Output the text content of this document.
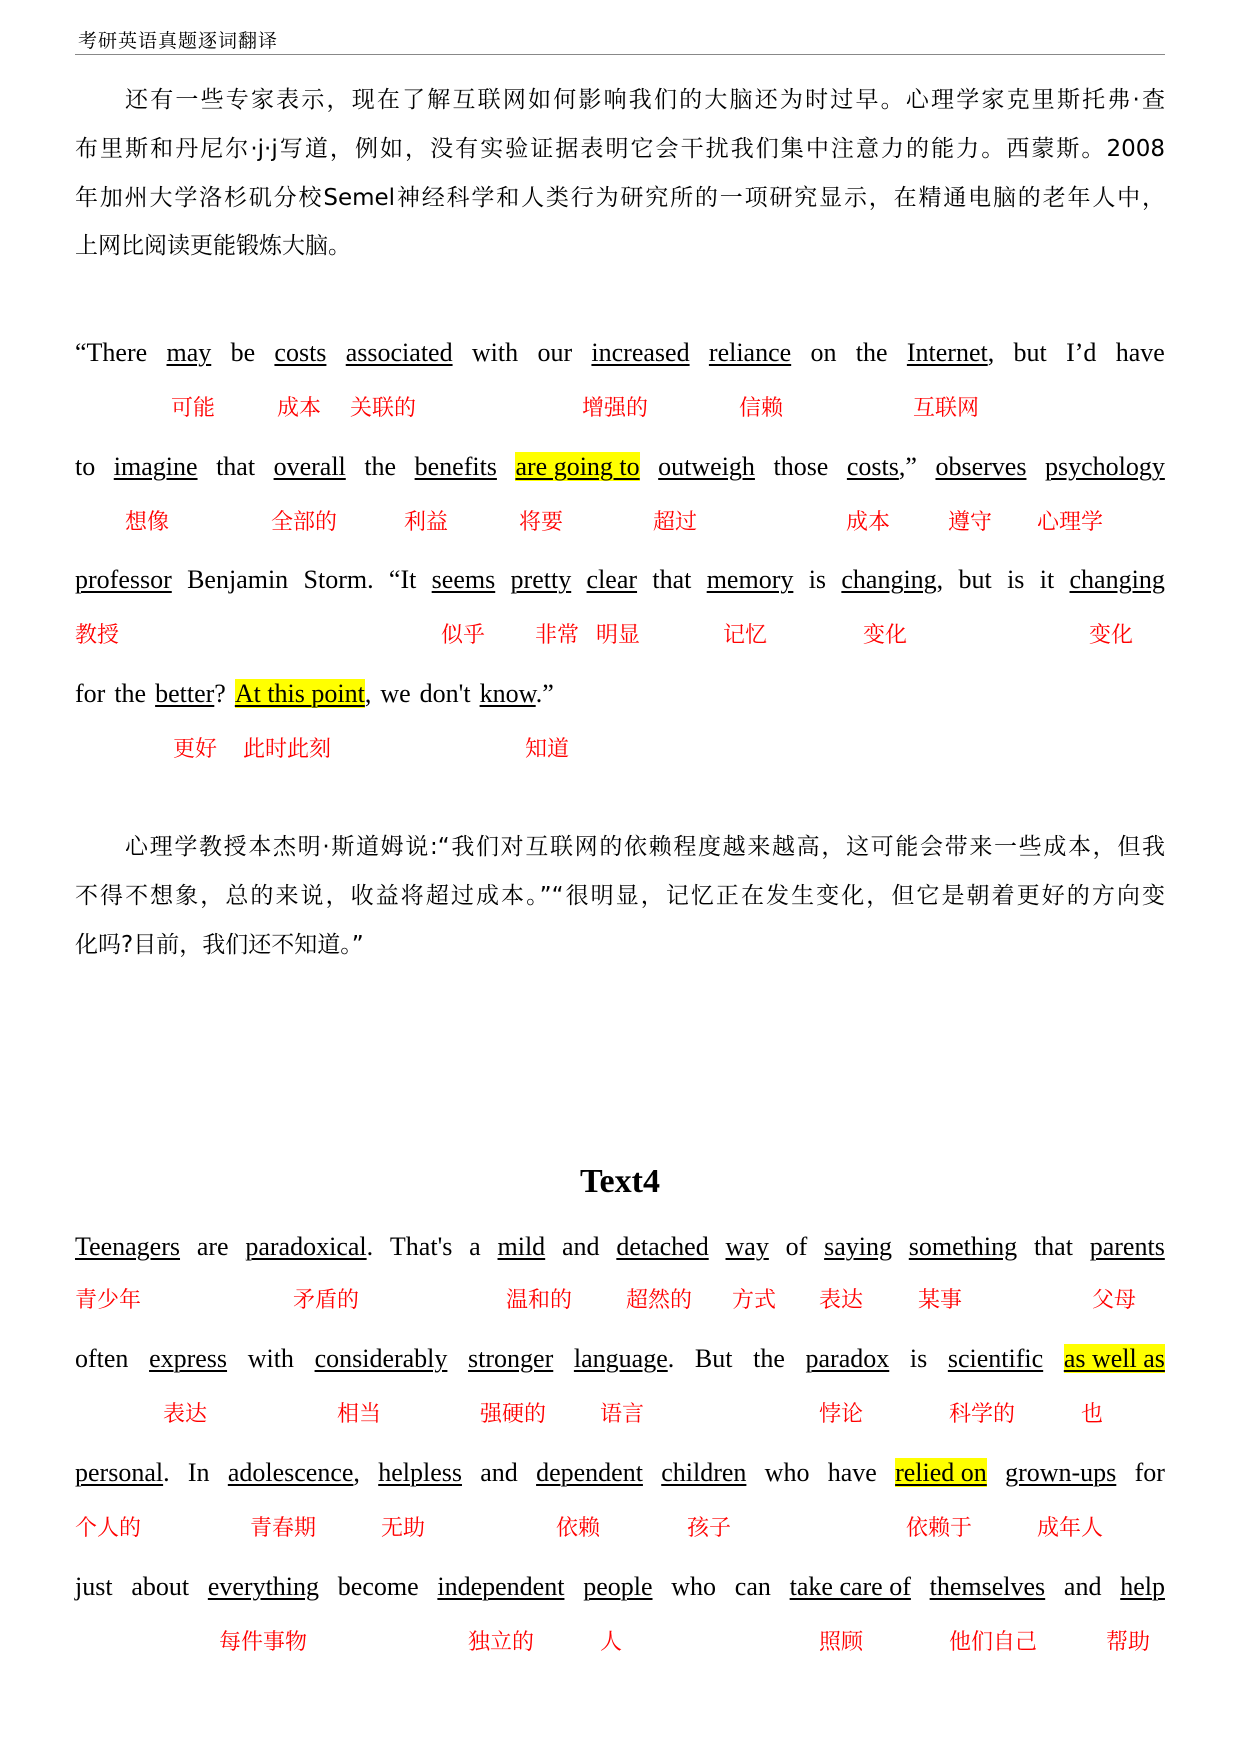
考研英语真题逐词翻译
还有一些专家表示，现在了解互联网如何影响我们的大脑还为时过早。心理学家克里斯托弗·查
布里斯和丹尼尔·j·j写道，例如，没有实验证据表明它会干扰我们集中注意力的能力。西蒙斯。2008
年加州大学洛杉矶分校Semel神经科学和人类行为研究所的一项研究显示，在精通电脑的老年人中，
上网比阅读更能锻炼大脑。
“There may be costs associated with our increased reliance on the Internet, but I’d have
可能	成本 关联的	增强的	信赖	互联网
to imagine that overall the benefits are going to outweigh those costs,” observes psychology
想像	全部的	利益	将要	超过	成本	遵守 心理学
professor Benjamin Storm. “It seems pretty clear that memory is changing, but is it changing
教授	似乎 非常 明显	记忆	变化	变化
for the better? At this point, we don't know.”
更好 此时此刻	知道
心理学教授本杰明·斯道姆说:“我们对互联网的依赖程度越来越高，这可能会带来一些成本，但我
不得不想象，总的来说，收益将超过成本。”“很明显，记忆正在发生变化，但它是朝着更好的方向变
化吗?目前，我们还不知道。”
Text4
Teenagers are paradoxical. That's a mild and detached way of saying something that parents
青少年	矛盾的	温和的 超然的 方式 表达 某事	父母
often express with considerably stronger language. But the paradox is scientific as well as
表达	相当	强硬的 语言	悖论	科学的	也
personal. In adolescence, helpless and dependent children who have relied on grown-ups for
个人的	青春期	无助	依赖	孩子	依赖于	成年人
just about everything become independent people who can take care of themselves and help
每件事物	独立的	人	照顾	他们自己	帮助
